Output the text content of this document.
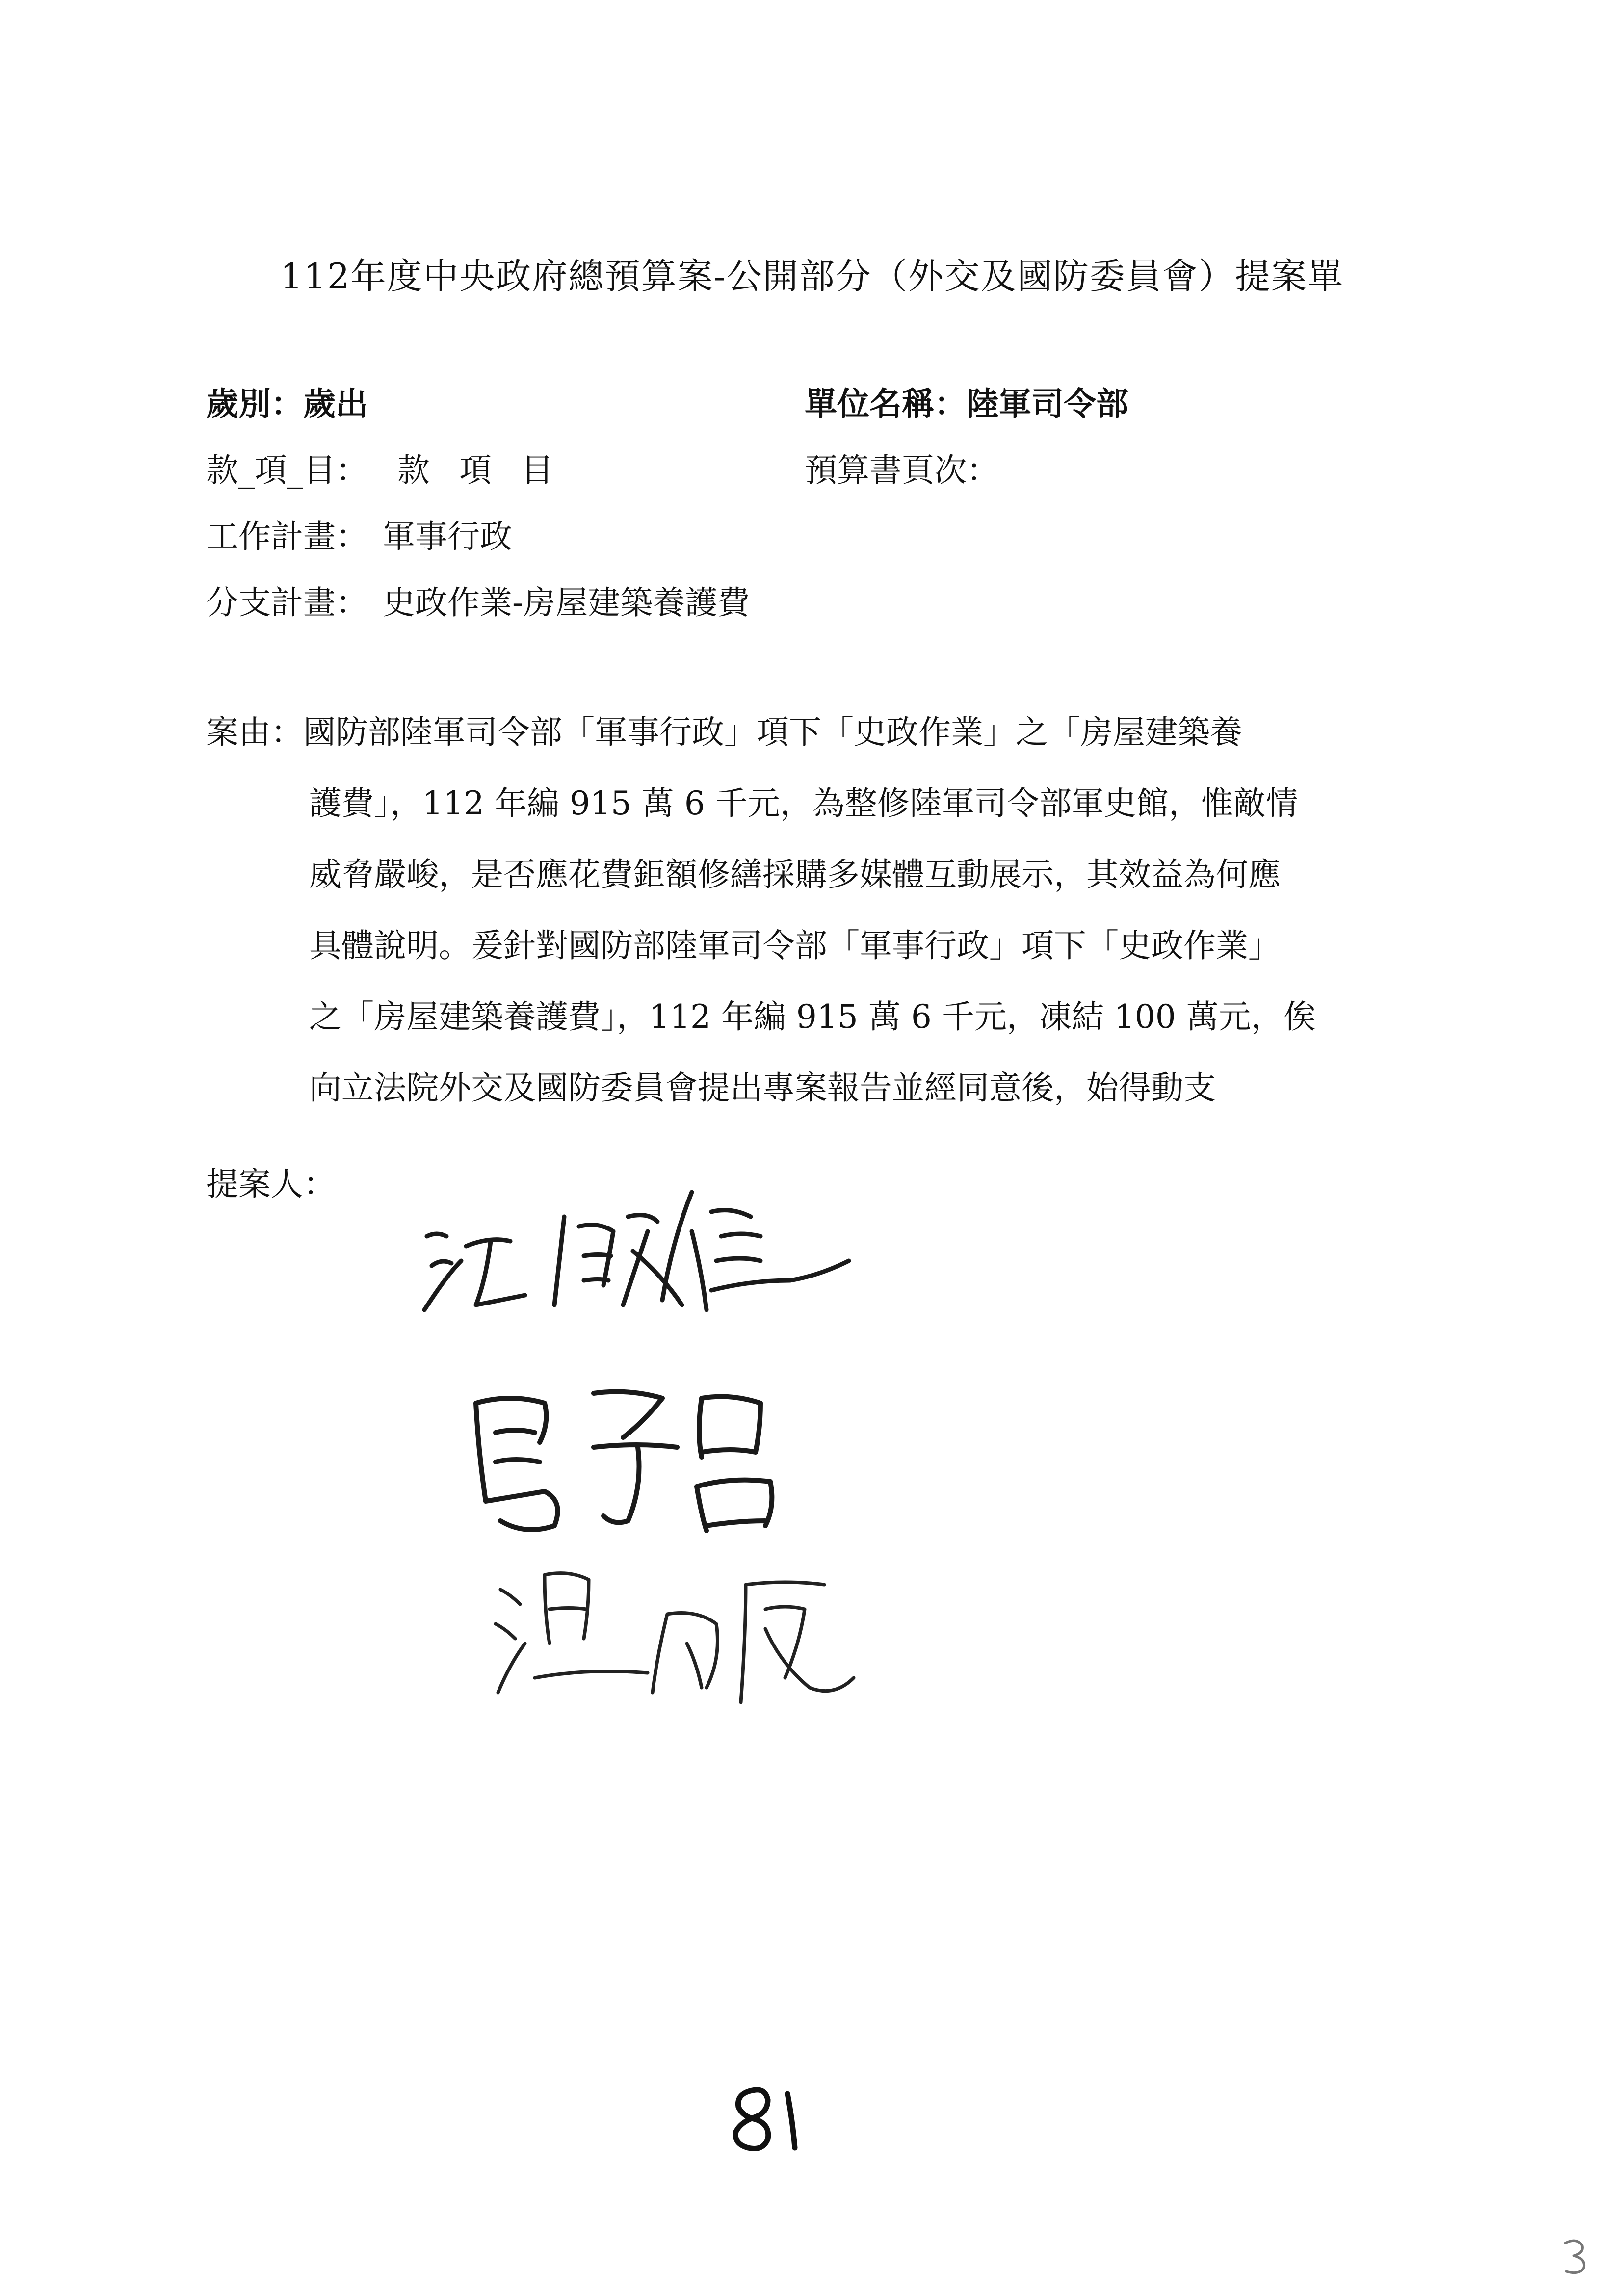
112年度中央政府總預算案-公開部分（外交及國防委員會）提案單
歲別：歲出	單位名稱：陸軍司令部
款_項_目： 款項目	預算書頁次：
工作計畫： 軍事行政
分支計畫： 史政作業-房屋建築養護費
案由：國防部陸軍司令部「軍事行政」項下「史政作業」之「房屋建築養
護費」，112 年編 915 萬 6 千元，為整修陸軍司令部軍史館，惟敵情
威脅嚴峻，是否應花費鉅額修繕採購多媒體互動展示，其效益為何應
具體說明。爰針對國防部陸軍司令部「軍事行政」項下「史政作業」
之「房屋建築養護費」，112 年編 915 萬 6 千元，凍結 100 萬元，俟
向立法院外交及國防委員會提出專案報告並經同意後，始得動支
提案人：
